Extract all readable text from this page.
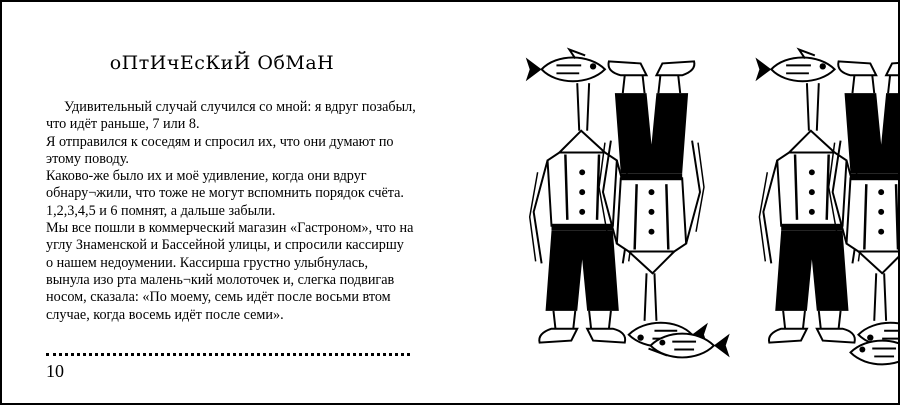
оПтИчЕсКиЙ ОбМаН
Удивительный случай случился со мной: я вдруг позабыл,
что идёт раньше, 7 или 8.
Я отправился к соседям и спросил их, что они думают по
этому поводу.
Каково-же было их и моё удивление, когда они вдруг
обнару¬жили, что тоже не могут вспомнить порядок счёта.
1,2,3,4,5 и 6 помнят, а дальше забыли.
Мы все пошли в коммерческий магазин «Гастроном», что на
углу Знаменской и Бассейной улицы, и спросили кассиршу
о нашем недоумении. Кассирша грустно улыбнулась,
вынула изо рта малень¬кий молоточек и, слегка подвигав
носом, сказала: «По моему, семь идёт после восьми втом
случае, когда восемь идёт после семи».
10
